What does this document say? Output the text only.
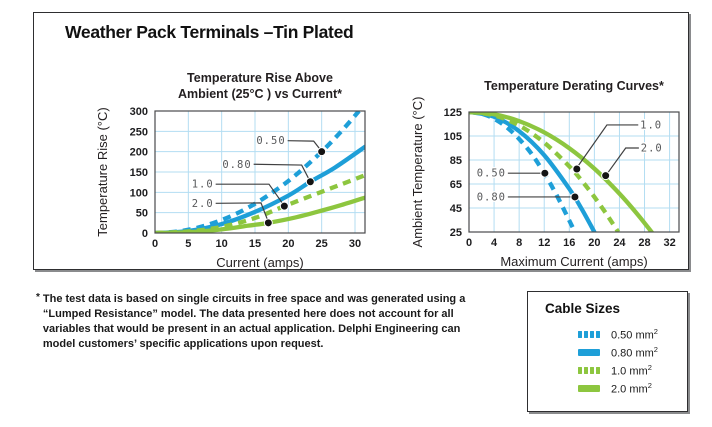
Weather Pack Terminals –Tin Plated
0.50
0.80
1.0
2.0
0 5 10 15 20 25 30
0
50
100
150
200
250
300
Temperature Rise Above
Ambient (25°C ) vs Current*
Current (amps)
Temperature Rise (°C)	0.50
0.80
1.0
2.0
0 4 8 12 16 20 24 28 32
25
45
65
85
105
125
Temperature Derating Curves*
Maximum Current (amps)
Ambient Temperature (°C)
* The test data is based on single circuits in free space and was generated using a
“Lumped Resistance” model. The data presented here does not account for all
variables that would be present in an actual application. Delphi Engineering can
model customers’ specific applications upon request.
Cable Sizes
0.50 $mm^2$
0.80 $mm^2$
1.0 $mm^2$
2.0 $mm^2$
